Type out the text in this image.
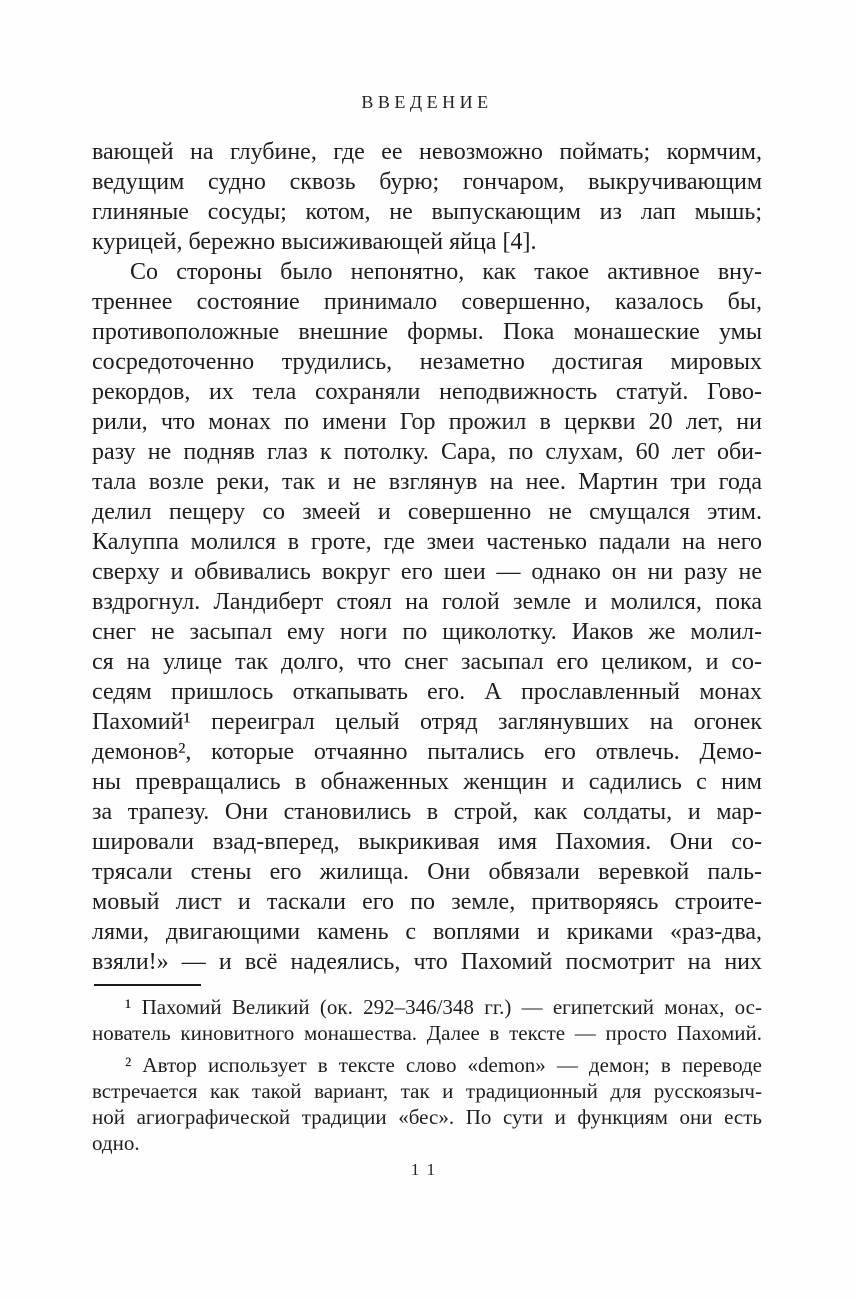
ВВЕДЕНИЕ
вающей на глубине, где ее невозможно поймать; кормчим,
ведущим судно сквозь бурю; гончаром, выкручивающим
глиняные сосуды; котом, не выпускающим из лап мышь;
курицей, бережно высиживающей яйца [4].
Со стороны было непонятно, как такое активное вну-
треннее состояние принимало совершенно, казалось бы,
противоположные внешние формы. Пока монашеские умы
сосредоточенно трудились, незаметно достигая мировых
рекордов, их тела сохраняли неподвижность статуй. Гово-
рили, что монах по имени Гор прожил в церкви 20 лет, ни
разу не подняв глаз к потолку. Сара, по слухам, 60 лет оби-
тала возле реки, так и не взглянув на нее. Мартин три года
делил пещеру со змеей и совершенно не смущался этим.
Калуппа молился в гроте, где змеи частенько падали на него
сверху и обвивались вокруг его шеи — однако он ни разу не
вздрогнул. Ландиберт стоял на голой земле и молился, пока
снег не засыпал ему ноги по щиколотку. Иаков же молил-
ся на улице так долго, что снег засыпал его целиком, и со-
седям пришлось откапывать его. А прославленный монах
Пахомий¹ переиграл целый отряд заглянувших на огонек
демонов², которые отчаянно пытались его отвлечь. Демо-
ны превращались в обнаженных женщин и садились с ним
за трапезу. Они становились в строй, как солдаты, и мар-
шировали взад-вперед, выкрикивая имя Пахомия. Они со-
трясали стены его жилища. Они обвязали веревкой паль-
мовый лист и таскали его по земле, притворяясь строите-
лями, двигающими камень с воплями и криками «раз-два,
взяли!» — и всё надеялись, что Пахомий посмотрит на них
¹ Пахомий Великий (ок. 292–346/348 гг.) — египетский монах, ос-
нователь киновитного монашества. Далее в тексте — просто Пахомий.
² Автор использует в тексте слово «demon» — демон; в переводе
встречается как такой вариант, так и традиционный для русскоязыч-
ной агиографической традиции «бес». По сути и функциям они есть
одно.
11
